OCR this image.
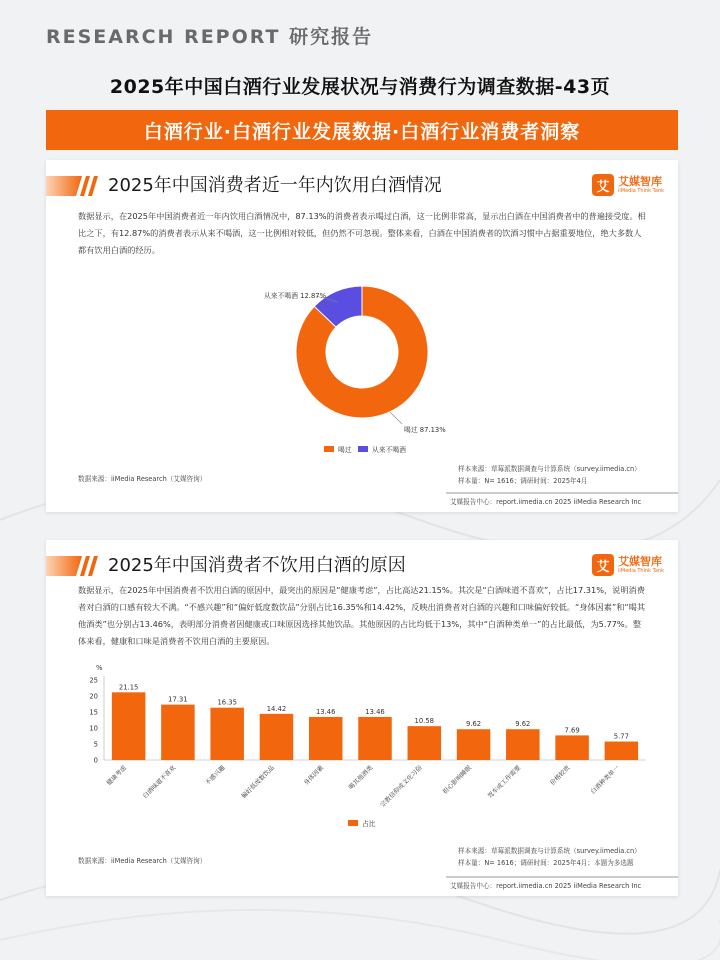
RESEARCH REPORT 研究报告
2025年中国白酒行业发展状况与消费行为调查数据-43页
白酒行业·白酒行业发展数据·白酒行业消费者洞察
2025年中国消费者近一年内饮用白酒情况	艾 艾媒智库
iiMedia Think Tank
数据显示，在2025年中国消费者近一年内饮用白酒情况中，87.13%的消费者表示喝过白酒，这一比例非常高，显示出白酒在中国消费者中的普遍接受度。相比之下，有12.87%的消费者表示从来不喝酒，这一比例相对较低，但仍然不可忽视。整体来看，白酒在中国消费者的饮酒习惯中占据重要地位，绝大多数人都有饮用白酒的经历。
从来不喝酒 12.87%
喝过 87.13%
喝过	从来不喝酒
数据来源：iiMedia Research（艾媒咨询）
样本来源：草莓派数据调查与计算系统（survey.iimedia.cn）
样本量：N= 1616；调研时间：2025年4月
艾媒报告中心：report.iimedia.cn 2025 iiMedia Research Inc
2025年中国消费者不饮用白酒的原因	艾 艾媒智库
iiMedia Think Tank
数据显示，在2025年中国消费者不饮用白酒的原因中，最突出的原因是“健康考虑”，占比高达21.15%。其次是“白酒味道不喜欢”，占比17.31%，说明消费者对白酒的口感有较大不满。“不感兴趣”和“偏好低度数饮品”分别占比16.35%和14.42%，反映出消费者对白酒的兴趣和口味偏好较低。“身体因素”和“喝其他酒类”也分别占13.46%，表明部分消费者因健康或口味原因选择其他饮品。其他原因的占比均低于13%，其中“白酒种类单一”的占比最低，为5.77%。整体来看，健康和口味是消费者不饮用白酒的主要原因。
%
0
5
10
15
20
25
21.15
健康考虑
17.31
白酒味道不喜欢
16.35
不感兴趣
14.42
偏好低度数饮品
13.46
身体因素
13.46
喝其他酒类
10.58
宗教信仰或文化习俗
9.62
担心影响睡眠
9.62
驾车或工作需要
7.69
价格较贵
5.77
白酒种类单一
占比
数据来源：iiMedia Research（艾媒咨询）
样本来源：草莓派数据调查与计算系统（survey.iimedia.cn）
样本量：N= 1616；调研时间：2025年4月；本题为多选题
艾媒报告中心：report.iimedia.cn 2025 iiMedia Research Inc
